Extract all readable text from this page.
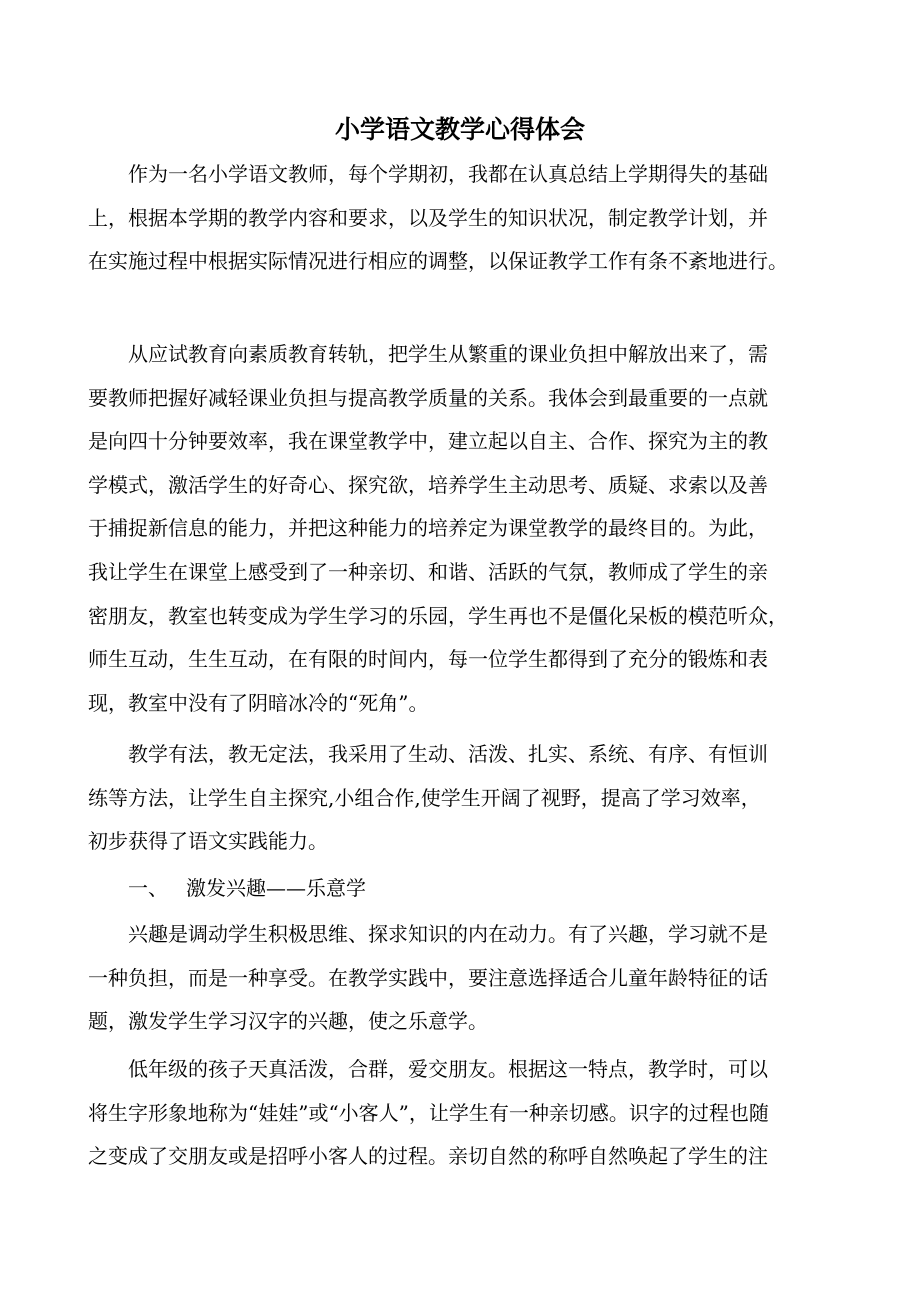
小学语文教学心得体会
作为一名小学语文教师，每个学期初，我都在认真总结上学期得失的基础
上，根据本学期的教学内容和要求，以及学生的知识状况，制定教学计划，并
在实施过程中根据实际情况进行相应的调整，以保证教学工作有条不紊地进行。
从应试教育向素质教育转轨，把学生从繁重的课业负担中解放出来了，需
要教师把握好减轻课业负担与提高教学质量的关系。我体会到最重要的一点就
是向四十分钟要效率，我在课堂教学中，建立起以自主、合作、探究为主的教
学模式，激活学生的好奇心、探究欲，培养学生主动思考、质疑、求索以及善
于捕捉新信息的能力，并把这种能力的培养定为课堂教学的最终目的。为此，
我让学生在课堂上感受到了一种亲切、和谐、活跃的气氛，教师成了学生的亲
密朋友，教室也转变成为学生学习的乐园，学生再也不是僵化呆板的模范听众，
师生互动，生生互动，在有限的时间内，每一位学生都得到了充分的锻炼和表
现，教室中没有了阴暗冰冷的“死角”。
教学有法，教无定法，我采用了生动、活泼、扎实、系统、有序、有恒训
练等方法，让学生自主探究,小组合作,使学生开阔了视野，提高了学习效率，
初步获得了语文实践能力。
一、 激发兴趣——乐意学
兴趣是调动学生积极思维、探求知识的内在动力。有了兴趣，学习就不是
一种负担，而是一种享受。在教学实践中，要注意选择适合儿童年龄特征的话
题，激发学生学习汉字的兴趣，使之乐意学。
低年级的孩子天真活泼，合群，爱交朋友。根据这一特点，教学时，可以
将生字形象地称为“娃娃”或“小客人”，让学生有一种亲切感。识字的过程也随
之变成了交朋友或是招呼小客人的过程。亲切自然的称呼自然唤起了学生的注
